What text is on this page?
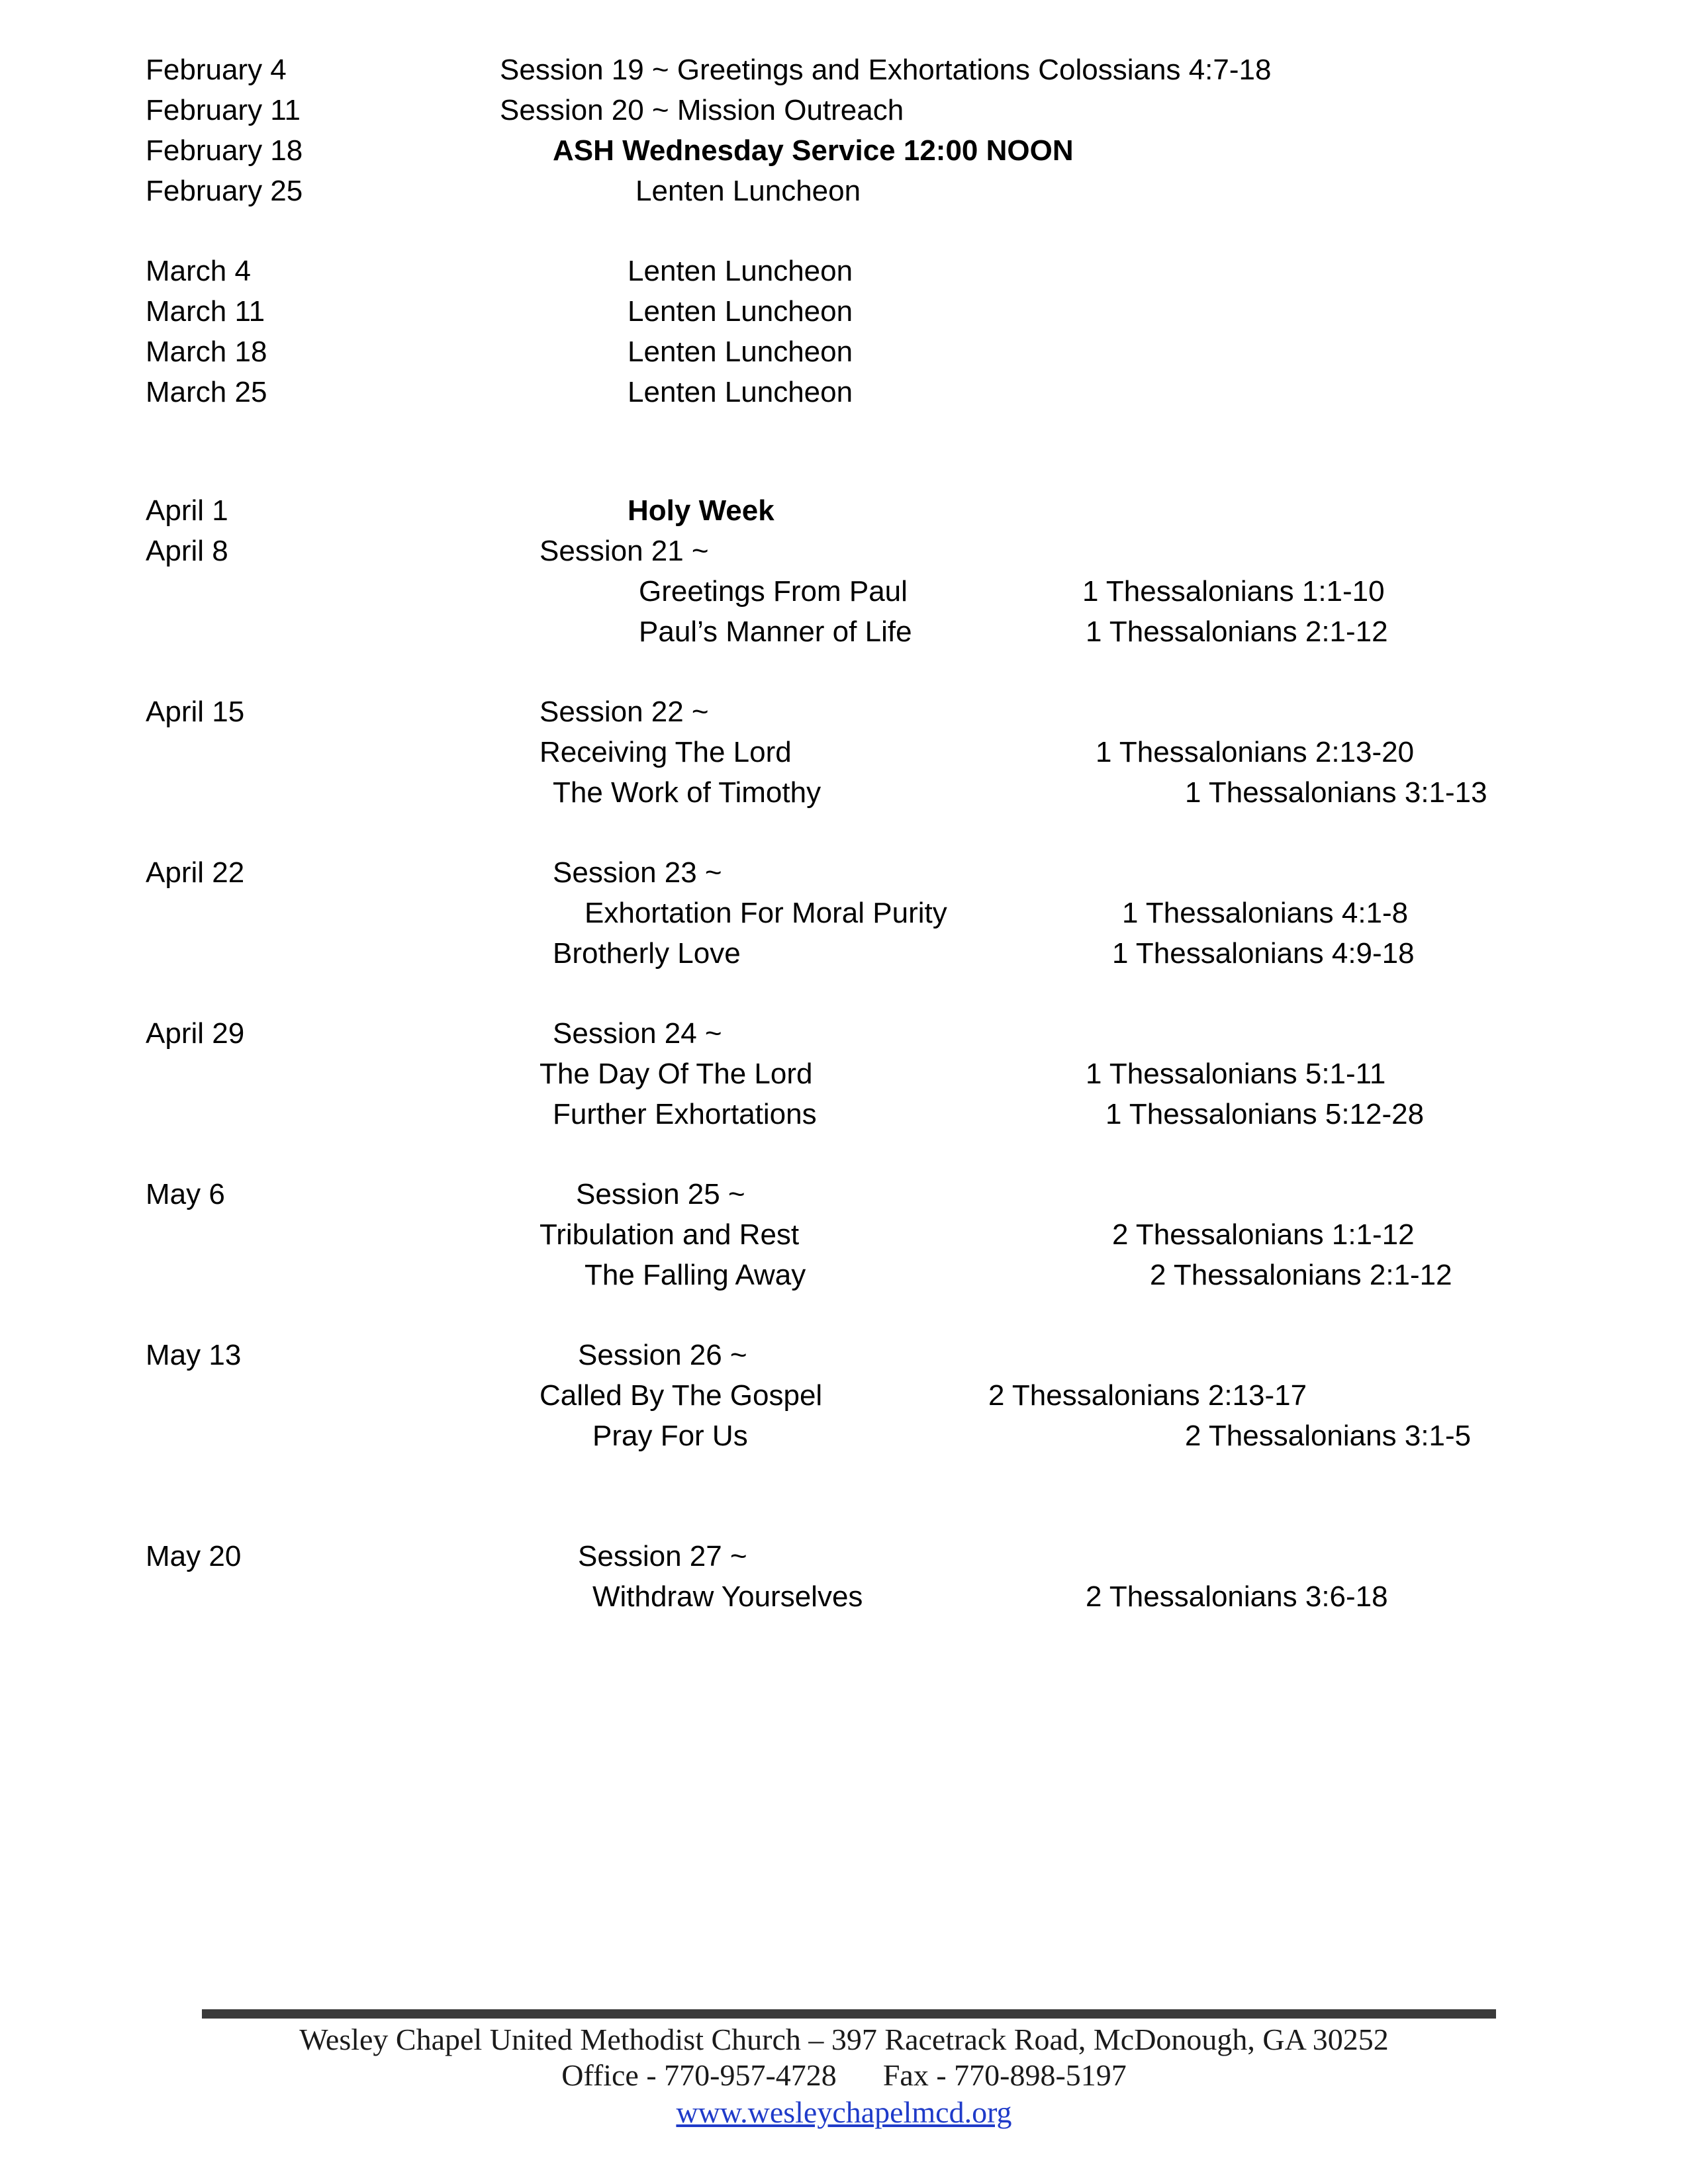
February 4	Session 19 ~ Greetings and Exhortations Colossians 4:7-18
February 11	Session 20 ~ Mission Outreach
February 18	ASH Wednesday Service 12:00 NOON
February 25	Lenten Luncheon
March 4	Lenten Luncheon
March 11	Lenten Luncheon
March 18	Lenten Luncheon
March 25	Lenten Luncheon
April 1	Holy Week
April 8	Session 21 ~
Greetings From Paul	1 Thessalonians 1:1-10
Paul’s Manner of Life	1 Thessalonians 2:1-12
April 15	Session 22 ~
Receiving The Lord	1 Thessalonians 2:13-20
The Work of Timothy	1 Thessalonians 3:1-13
April 22	Session 23 ~
Exhortation For Moral Purity	1 Thessalonians 4:1-8
Brotherly Love	1 Thessalonians 4:9-18
April 29	Session 24 ~
The Day Of The Lord	1 Thessalonians 5:1-11
Further Exhortations	1 Thessalonians 5:12-28
May 6	Session 25 ~
Tribulation and Rest	2 Thessalonians 1:1-12
The Falling Away	2 Thessalonians 2:1-12
May 13	Session 26 ~
Called By The Gospel	2 Thessalonians 2:13-17
Pray For Us	2 Thessalonians 3:1-5
May 20	Session 27 ~
Withdraw Yourselves	2 Thessalonians 3:6-18
Wesley Chapel United Methodist Church – 397 Racetrack Road, McDonough, GA 30252
Office - 770-957-4728 Fax - 770-898-5197
www.wesleychapelmcd.org
